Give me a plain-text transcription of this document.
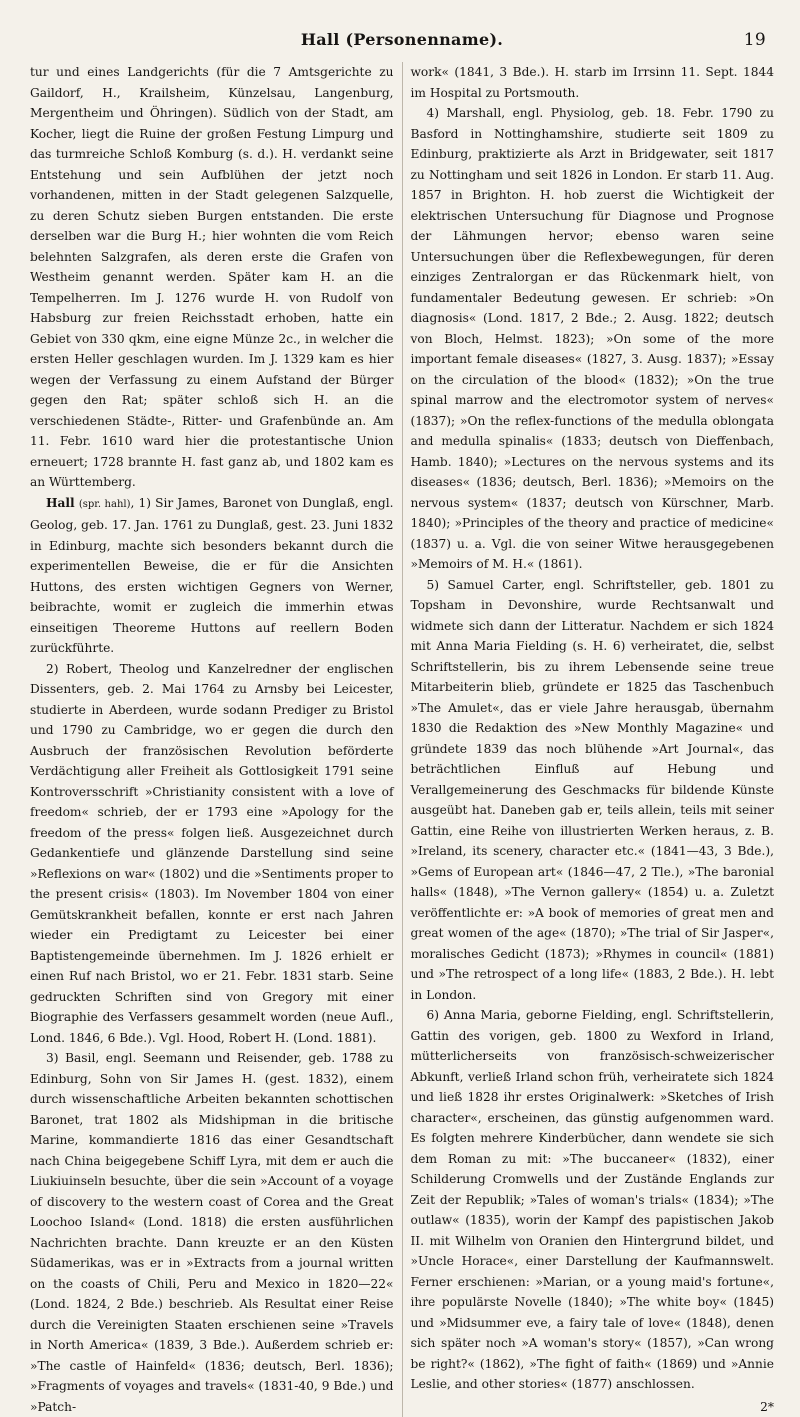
Hall (Personenname).	19

tur und eines Landgerichts (für die 7 Amtsgerichte zu Gaildorf, H., Krailsheim, Künzelsau, Langenburg, Mergentheim und Öhringen). Südlich von der Stadt, am Kocher, liegt die Ruine der großen Festung Limpurg und das turmreiche Schloß Komburg (s. d.). H. verdankt seine Entstehung und sein Aufblühen der jetzt noch vorhandenen, mitten in der Stadt gelegenen Salzquelle, zu deren Schutz sieben Burgen entstanden. Die erste derselben war die Burg H.; hier wohnten die vom Reich belehnten Salzgrafen, als deren erste die Grafen von Westheim genannt werden. Später kam H. an die Tempelherren. Im J. 1276 wurde H. von Rudolf von Habsburg zur freien Reichsstadt erhoben, hatte ein Gebiet von 330 qkm, eine eigne Münze 2c., in welcher die ersten Heller geschlagen wurden. Im J. 1329 kam es hier wegen der Verfassung zu einem Aufstand der Bürger gegen den Rat; später schloß sich H. an die verschiedenen Städte-, Ritter- und Grafenbünde an. Am 11. Febr. 1610 ward hier die protestantische Union erneuert; 1728 brannte H. fast ganz ab, und 1802 kam es an Württemberg.

Hall (spr. hahl), 1) Sir James, Baronet von Dunglaß, engl. Geolog, geb. 17. Jan. 1761 zu Dunglaß, gest. 23. Juni 1832 in Edinburg, machte sich besonders bekannt durch die experimentellen Beweise, die er für die Ansichten Huttons, des ersten wichtigen Gegners von Werner, beibrachte, womit er zugleich die immerhin etwas einseitigen Theoreme Huttons auf reellern Boden zurückführte.

2) Robert, Theolog und Kanzelredner der englischen Dissenters, geb. 2. Mai 1764 zu Arnsby bei Leicester, studierte in Aberdeen, wurde sodann Prediger zu Bristol und 1790 zu Cambridge, wo er gegen die durch den Ausbruch der französischen Revolution beförderte Verdächtigung aller Freiheit als Gottlosigkeit 1791 seine Kontroversschrift »Christianity consistent with a love of freedom« schrieb, der er 1793 eine »Apology for the freedom of the press« folgen ließ. Ausgezeichnet durch Gedankentiefe und glänzende Darstellung sind seine »Reflexions on war« (1802) und die »Sentiments proper to the present crisis« (1803). Im November 1804 von einer Gemütskrankheit befallen, konnte er erst nach Jahren wieder ein Predigtamt zu Leicester bei einer Baptistengemeinde übernehmen. Im J. 1826 erhielt er einen Ruf nach Bristol, wo er 21. Febr. 1831 starb. Seine gedruckten Schriften sind von Gregory mit einer Biographie des Verfassers gesammelt worden (neue Aufl., Lond. 1846, 6 Bde.). Vgl. Hood, Robert H. (Lond. 1881).

3) Basil, engl. Seemann und Reisender, geb. 1788 zu Edinburg, Sohn von Sir James H. (gest. 1832), einem durch wissenschaftliche Arbeiten bekannten schottischen Baronet, trat 1802 als Midshipman in die britische Marine, kommandierte 1816 das einer Gesandtschaft nach China beigegebene Schiff Lyra, mit dem er auch die Liukiuinseln besuchte, über die sein »Account of a voyage of discovery to the western coast of Corea and the Great Loochoo Island« (Lond. 1818) die ersten ausführlichen Nachrichten brachte. Dann kreuzte er an den Küsten Südamerikas, was er in »Extracts from a journal written on the coasts of Chili, Peru and Mexico in 1820—22« (Lond. 1824, 2 Bde.) beschrieb. Als Resultat einer Reise durch die Vereinigten Staaten erschienen seine »Travels in North America« (1839, 3 Bde.). Außerdem schrieb er: »The castle of Hainfeld« (1836; deutsch, Berl. 1836); »Fragments of voyages and travels« (1831-40, 9 Bde.) und »Patch-

work« (1841, 3 Bde.). H. starb im Irrsinn 11. Sept. 1844 im Hospital zu Portsmouth.

4) Marshall, engl. Physiolog, geb. 18. Febr. 1790 zu Basford in Nottinghamshire, studierte seit 1809 zu Edinburg, praktizierte als Arzt in Bridgewater, seit 1817 zu Nottingham und seit 1826 in London. Er starb 11. Aug. 1857 in Brighton. H. hob zuerst die Wichtigkeit der elektrischen Untersuchung für Diagnose und Prognose der Lähmungen hervor; ebenso waren seine Untersuchungen über die Reflexbewegungen, für deren einziges Zentralorgan er das Rückenmark hielt, von fundamentaler Bedeutung gewesen. Er schrieb: »On diagnosis« (Lond. 1817, 2 Bde.; 2. Ausg. 1822; deutsch von Bloch, Helmst. 1823); »On some of the more important female diseases« (1827, 3. Ausg. 1837); »Essay on the circulation of the blood« (1832); »On the true spinal marrow and the electromotor system of nerves« (1837); »On the reflex-functions of the medulla oblongata and medulla spinalis« (1833; deutsch von Dieffenbach, Hamb. 1840); »Lectures on the nervous systems and its diseases« (1836; deutsch, Berl. 1836); »Memoirs on the nervous system« (1837; deutsch von Kürschner, Marb. 1840); »Principles of the theory and practice of medicine« (1837) u. a. Vgl. die von seiner Witwe herausgegebenen »Memoirs of M. H.« (1861).

5) Samuel Carter, engl. Schriftsteller, geb. 1801 zu Topsham in Devonshire, wurde Rechtsanwalt und widmete sich dann der Litteratur. Nachdem er sich 1824 mit Anna Maria Fielding (s. H. 6) verheiratet, die, selbst Schriftstellerin, bis zu ihrem Lebensende seine treue Mitarbeiterin blieb, gründete er 1825 das Taschenbuch »The Amulet«, das er viele Jahre herausgab, übernahm 1830 die Redaktion des »New Monthly Magazine« und gründete 1839 das noch blühende »Art Journal«, das beträchtlichen Einfluß auf Hebung und Verallgemeinerung des Geschmacks für bildende Künste ausgeübt hat. Daneben gab er, teils allein, teils mit seiner Gattin, eine Reihe von illustrierten Werken heraus, z. B. »Ireland, its scenery, character etc.« (1841—43, 3 Bde.), »Gems of European art« (1846—47, 2 Tle.), »The baronial halls« (1848), »The Vernon gallery« (1854) u. a. Zuletzt veröffentlichte er: »A book of memories of great men and great women of the age« (1870); »The trial of Sir Jasper«, moralisches Gedicht (1873); »Rhymes in council« (1881) und »The retrospect of a long life« (1883, 2 Bde.). H. lebt in London.

6) Anna Maria, geborne Fielding, engl. Schriftstellerin, Gattin des vorigen, geb. 1800 zu Wexford in Irland, mütterlicherseits von französisch-schweizerischer Abkunft, verließ Irland schon früh, verheiratete sich 1824 und ließ 1828 ihr erstes Originalwerk: »Sketches of Irish character«, erscheinen, das günstig aufgenommen ward. Es folgten mehrere Kinderbücher, dann wendete sie sich dem Roman zu mit: »The buccaneer« (1832), einer Schilderung Cromwells und der Zustände Englands zur Zeit der Republik; »Tales of woman's trials« (1834); »The outlaw« (1835), worin der Kampf des papistischen Jakob II. mit Wilhelm von Oranien den Hintergrund bildet, und »Uncle Horace«, einer Darstellung der Kaufmannswelt. Ferner erschienen: »Marian, or a young maid's fortune«, ihre populärste Novelle (1840); »The white boy« (1845) und »Midsummer eve, a fairy tale of love« (1848), denen sich später noch »A woman's story« (1857), »Can wrong be right?« (1862), »The fight of faith« (1869) und »Annie Leslie, and other stories« (1877) anschlossen.

2*
